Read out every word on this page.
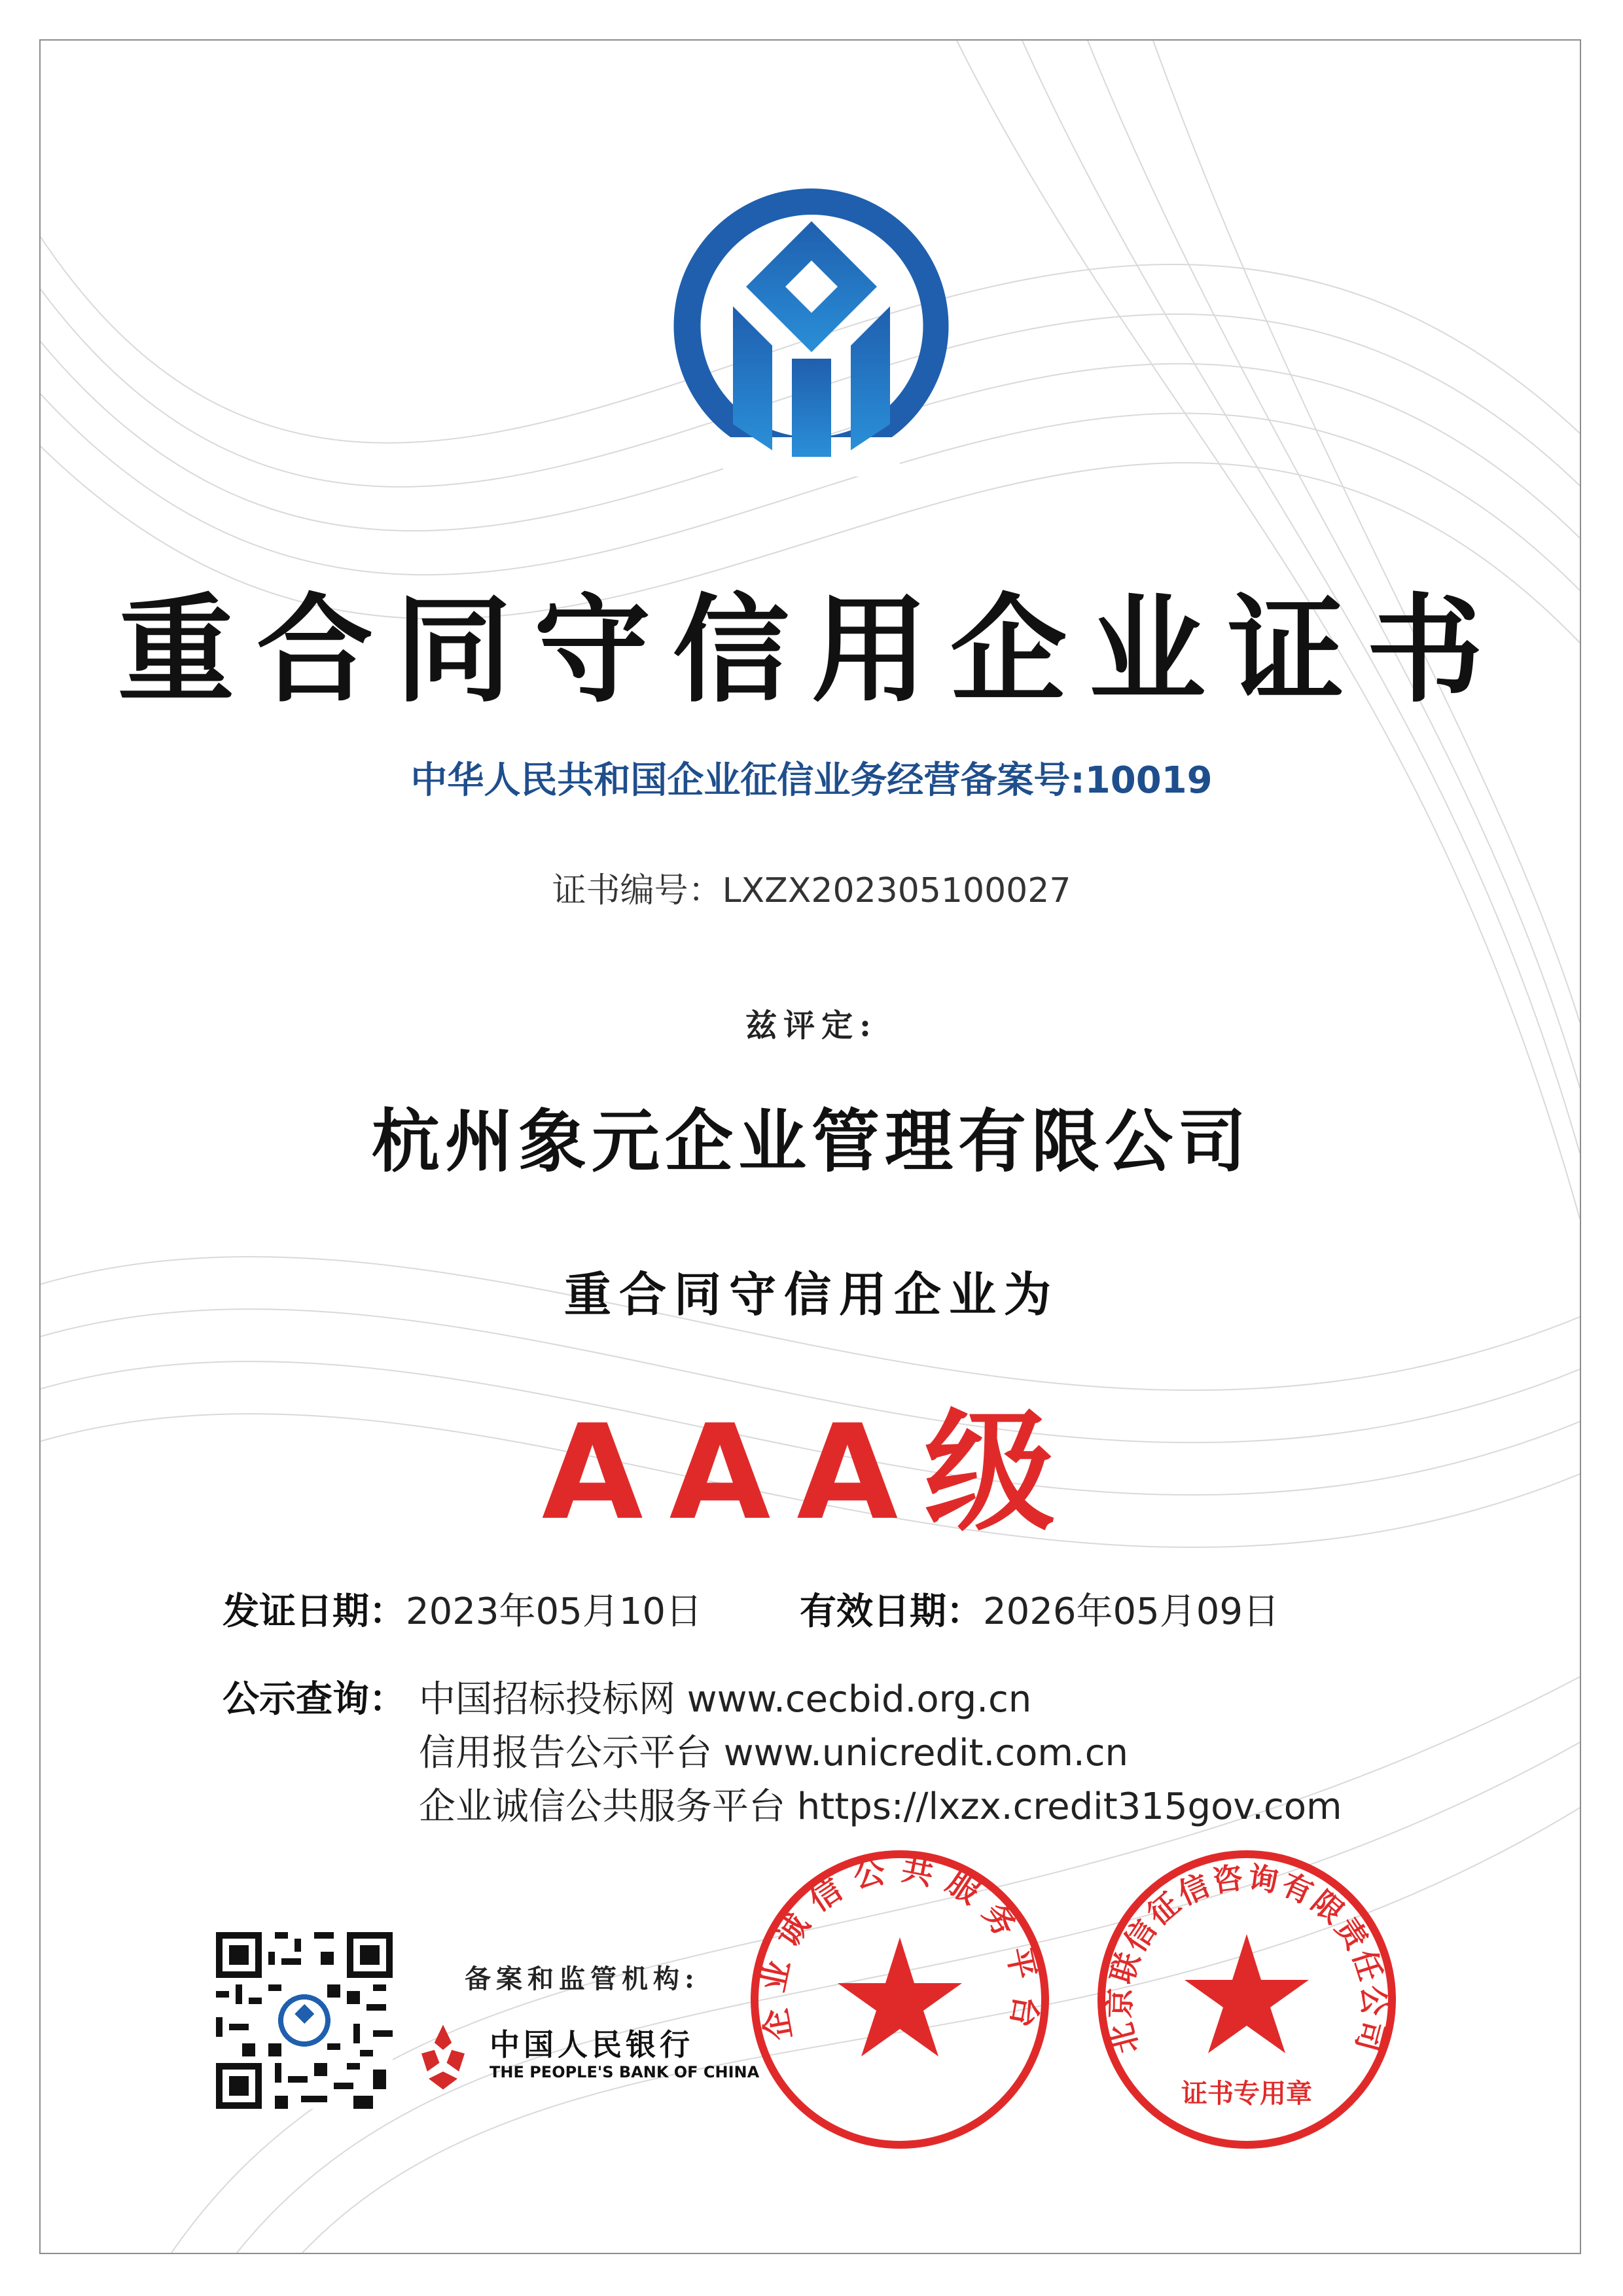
重合同守信用企业证书
中华人民共和国企业征信业务经营备案号:10019
证书编号：LXZX202305100027
兹评定:
杭州象元企业管理有限公司
重合同守信用企业为
AAA级
发证日期：2023年05月10日	有效日期：2026年05月09日
公示查询： 中国招标投标网 www.cecbid.org.cn
信用报告公示平台 www.unicredit.com.cn
企业诚信公共服务平台 https://lxzx.credit315gov.com
备案和监管机构:
中国人民银行
THE PEOPLE'S BANK OF CHINA
企业诚信公共服务平台 北京联信征信咨询有限责任公司
证书专用章
